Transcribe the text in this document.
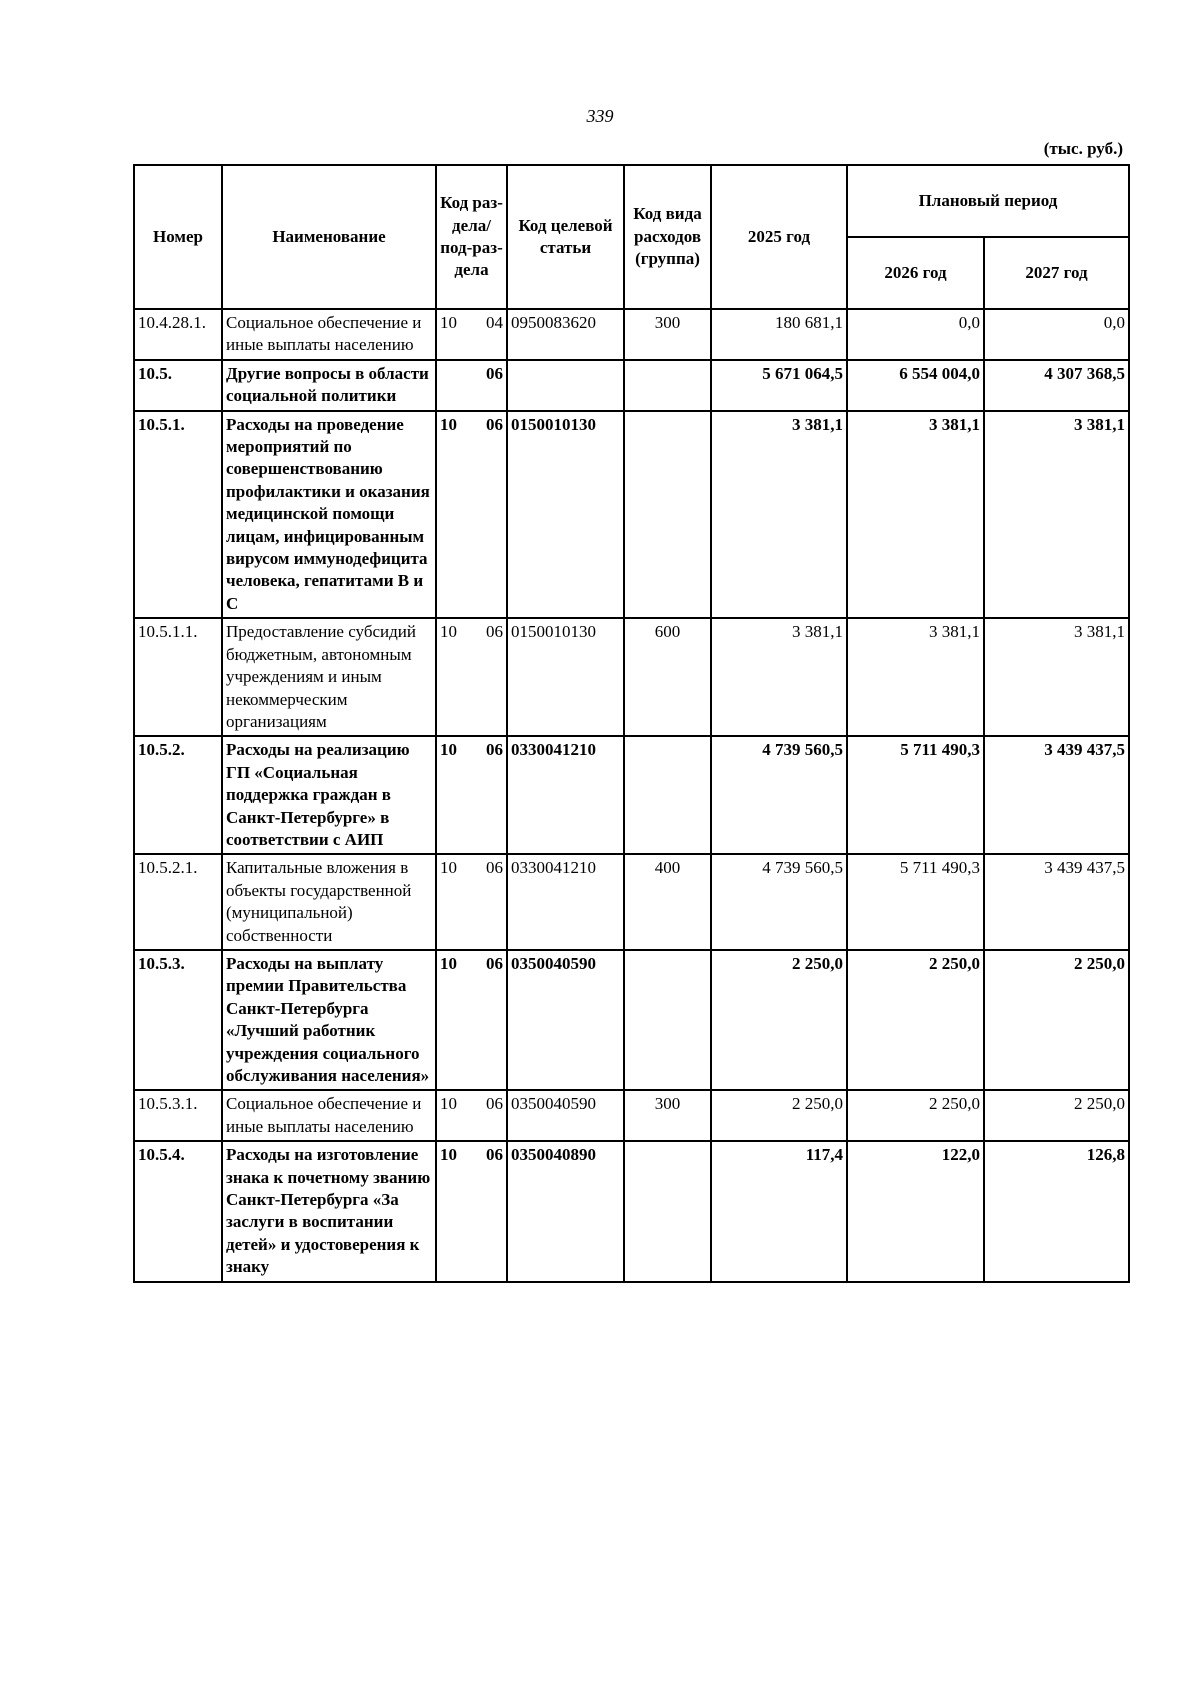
339
(тыс. руб.)
Номер	Наименование	Код раз-дела/ под-раз-дела	Код целевой статьи	Код вида расходов (группа)	2025 год	Плановый период	
						2026 год	2027 год
10.4.28.1.	Социальное обеспечение и иные выплаты населению	10 04	0950083620	300	180 681,1	0,0	0,0
10.5.	Другие вопросы в области социальной политики	06			5 671 064,5	6 554 004,0	4 307 368,5
10.5.1.	Расходы на проведение мероприятий по совершенствованию профилактики и оказания медицинской помощи лицам, инфицированным вирусом иммунодефицита человека, гепатитами В и С	10 06	0150010130		3 381,1	3 381,1	3 381,1
10.5.1.1.	Предоставление субсидий бюджетным, автономным учреждениям и иным некоммерческим организациям	10 06	0150010130	600	3 381,1	3 381,1	3 381,1
10.5.2.	Расходы на реализацию ГП «Социальная поддержка граждан в Санкт-Петербурге» в соответствии с АИП	10 06	0330041210		4 739 560,5	5 711 490,3	3 439 437,5
10.5.2.1.	Капитальные вложения в объекты государственной (муниципальной) собственности	10 06	0330041210	400	4 739 560,5	5 711 490,3	3 439 437,5
10.5.3.	Расходы на выплату премии Правительства Санкт-Петербурга «Лучший работник учреждения социального обслуживания населения»	10 06	0350040590		2 250,0	2 250,0	2 250,0
10.5.3.1.	Социальное обеспечение и иные выплаты населению	10 06	0350040590	300	2 250,0	2 250,0	2 250,0
10.5.4.	Расходы на изготовление знака к почетному званию Санкт-Петербурга «За заслуги в воспитании детей» и удостоверения к знаку	10 06	0350040890		117,4	122,0	126,8
